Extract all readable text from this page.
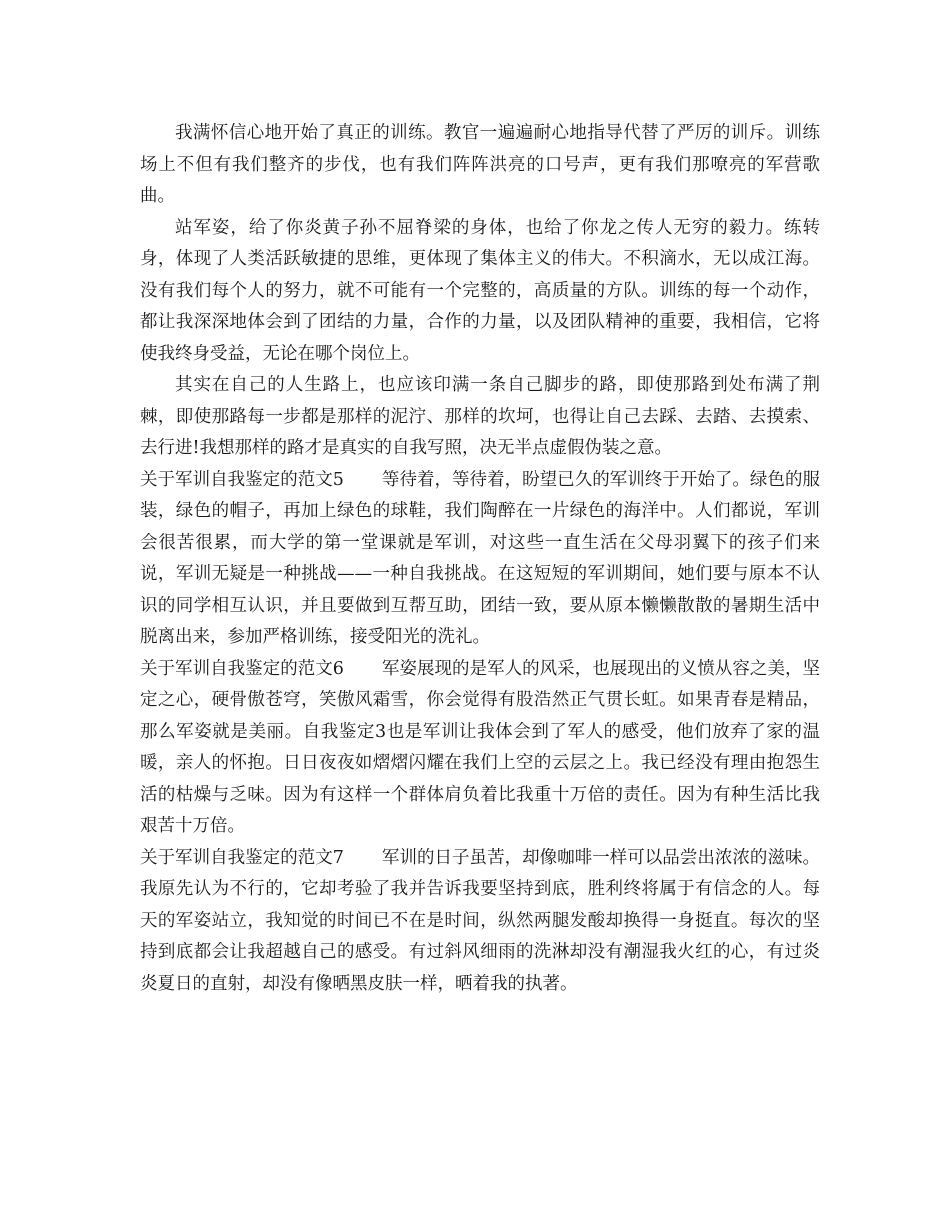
我满怀信心地开始了真正的训练。教官一遍遍耐心地指导代替了严厉的训斥。训练场上不但有我们整齐的步伐，也有我们阵阵洪亮的口号声，更有我们那嘹亮的军营歌曲。

站军姿，给了你炎黄子孙不屈脊梁的身体，也给了你龙之传人无穷的毅力。练转身，体现了人类活跃敏捷的思维，更体现了集体主义的伟大。不积滴水，无以成江海。没有我们每个人的努力，就不可能有一个完整的，高质量的方队。训练的每一个动作，都让我深深地体会到了团结的力量，合作的力量，以及团队精神的重要，我相信，它将使我终身受益，无论在哪个岗位上。

其实在自己的人生路上，也应该印满一条自己脚步的路，即使那路到处布满了荆棘，即使那路每一步都是那样的泥泞、那样的坎坷，也得让自己去踩、去踏、去摸索、去行进!我想那样的路才是真实的自我写照，决无半点虚假伪装之意。

关于军训自我鉴定的范文5 等待着，等待着，盼望已久的军训终于开始了。绿色的服装，绿色的帽子，再加上绿色的球鞋，我们陶醉在一片绿色的海洋中。人们都说，军训会很苦很累，而大学的第一堂课就是军训，对这些一直生活在父母羽翼下的孩子们来说，军训无疑是一种挑战——一种自我挑战。在这短短的军训期间，她们要与原本不认识的同学相互认识，并且要做到互帮互助，团结一致，要从原本懒懒散散的暑期生活中脱离出来，参加严格训练，接受阳光的洗礼。

关于军训自我鉴定的范文6 军姿展现的是军人的风采，也展现出的义愤从容之美，坚定之心，硬骨傲苍穹，笑傲风霜雪，你会觉得有股浩然正气贯长虹。如果青春是精品，那么军姿就是美丽。自我鉴定3也是军训让我体会到了军人的感受，他们放弃了家的温暖，亲人的怀抱。日日夜夜如熠熠闪耀在我们上空的云层之上。我已经没有理由抱怨生活的枯燥与乏味。因为有这样一个群体肩负着比我重十万倍的责任。因为有种生活比我艰苦十万倍。

关于军训自我鉴定的范文7 军训的日子虽苦，却像咖啡一样可以品尝出浓浓的滋味。我原先认为不行的，它却考验了我并告诉我要坚持到底，胜利终将属于有信念的人。每天的军姿站立，我知觉的时间已不在是时间，纵然两腿发酸却换得一身挺直。每次的坚持到底都会让我超越自己的感受。有过斜风细雨的洗淋却没有潮湿我火红的心，有过炎炎夏日的直射，却没有像晒黑皮肤一样，晒着我的执著。
